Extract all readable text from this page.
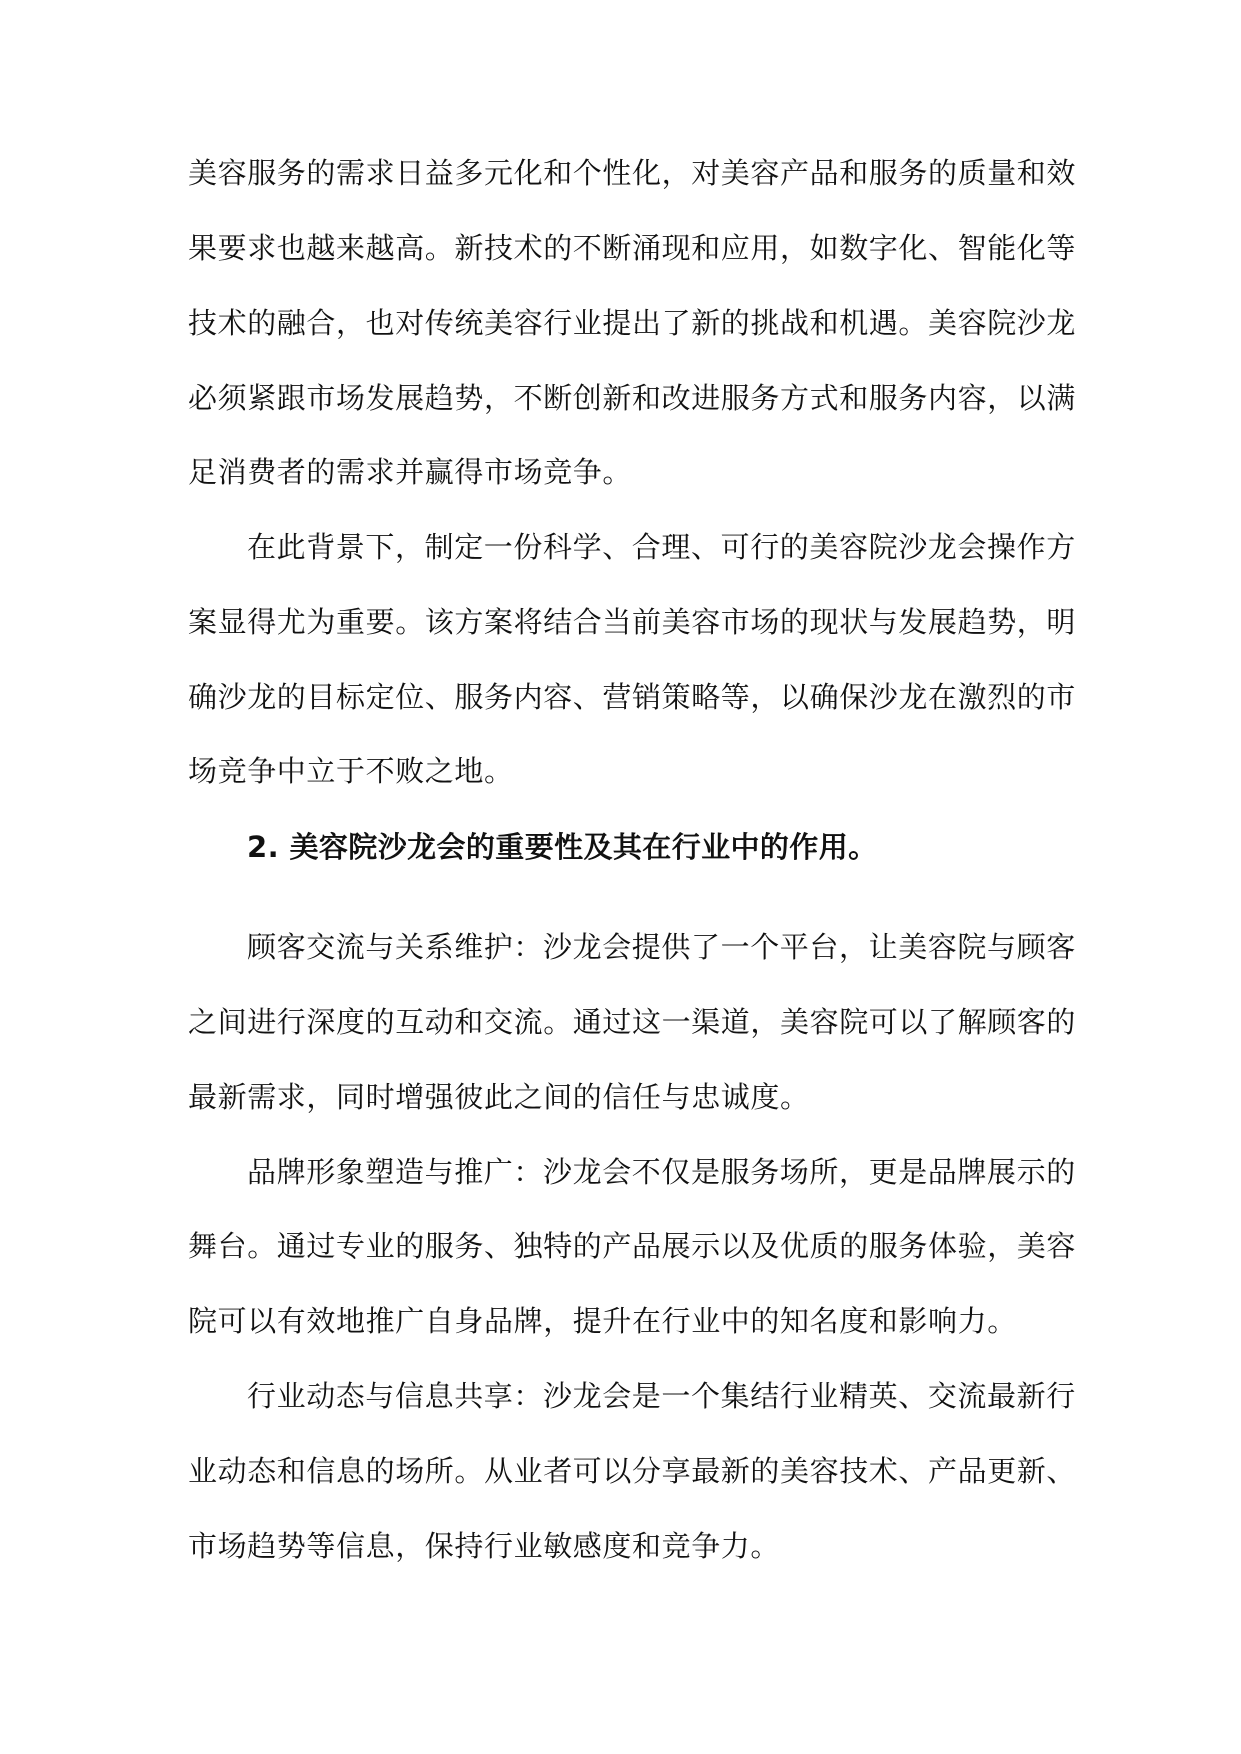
美容服务的需求日益多元化和个性化，对美容产品和服务的质量和效
果要求也越来越高。新技术的不断涌现和应用，如数字化、智能化等
技术的融合，也对传统美容行业提出了新的挑战和机遇。美容院沙龙
必须紧跟市场发展趋势，不断创新和改进服务方式和服务内容，以满
足消费者的需求并赢得市场竞争。
在此背景下，制定一份科学、合理、可行的美容院沙龙会操作方
案显得尤为重要。该方案将结合当前美容市场的现状与发展趋势，明
确沙龙的目标定位、服务内容、营销策略等，以确保沙龙在激烈的市
场竞争中立于不败之地。
2. 美容院沙龙会的重要性及其在行业中的作用。
顾客交流与关系维护：沙龙会提供了一个平台，让美容院与顾客
之间进行深度的互动和交流。通过这一渠道，美容院可以了解顾客的
最新需求，同时增强彼此之间的信任与忠诚度。
品牌形象塑造与推广：沙龙会不仅是服务场所，更是品牌展示的
舞台。通过专业的服务、独特的产品展示以及优质的服务体验，美容
院可以有效地推广自身品牌，提升在行业中的知名度和影响力。
行业动态与信息共享：沙龙会是一个集结行业精英、交流最新行
业动态和信息的场所。从业者可以分享最新的美容技术、产品更新、
市场趋势等信息，保持行业敏感度和竞争力。
